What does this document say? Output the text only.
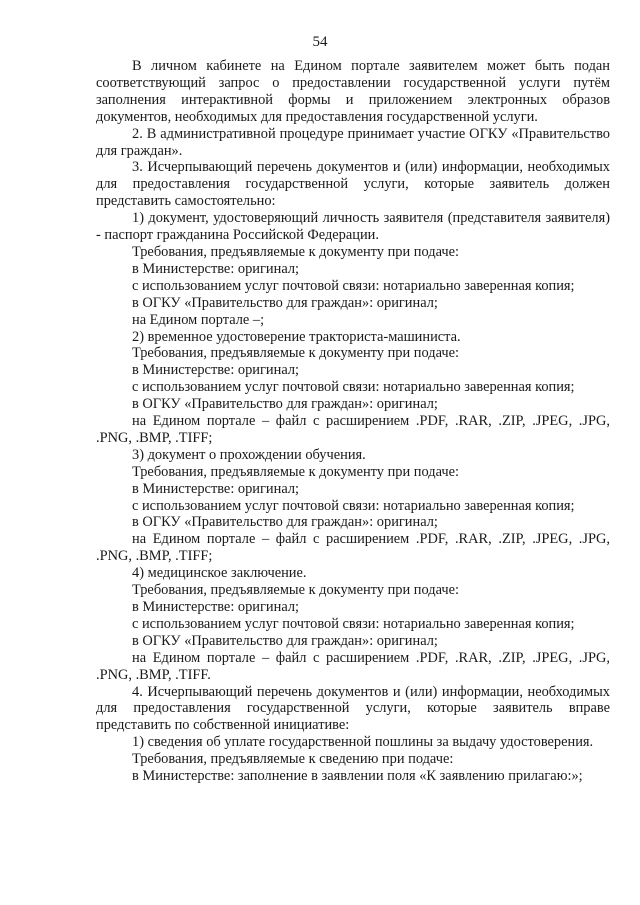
54

В личном кабинете на Едином портале заявителем может быть подан соответствующий запрос о предоставлении государственной услуги путём заполнения интерактивной формы и приложением электронных образов документов, необходимых для предоставления государственной услуги.

2. В административной процедуре принимает участие ОГКУ «Правительство для граждан».

3. Исчерпывающий перечень документов и (или) информации, необходимых для предоставления государственной услуги, которые заявитель должен представить самостоятельно:

1) документ, удостоверяющий личность заявителя (представителя заявителя) - паспорт гражданина Российской Федерации.

Требования, предъявляемые к документу при подаче:

в Министерстве: оригинал;

с использованием услуг почтовой связи: нотариально заверенная копия;

в ОГКУ «Правительство для граждан»: оригинал;

на Едином портале –;

2) временное удостоверение тракториста-машиниста.

Требования, предъявляемые к документу при подаче:

в Министерстве: оригинал;

с использованием услуг почтовой связи: нотариально заверенная копия;

в ОГКУ «Правительство для граждан»: оригинал;

на Едином портале – файл с расширением .PDF, .RAR, .ZIP, .JPEG, .JPG, .PNG, .BMP, .TIFF;

3) документ о прохождении обучения.

Требования, предъявляемые к документу при подаче:

в Министерстве: оригинал;

с использованием услуг почтовой связи: нотариально заверенная копия;

в ОГКУ «Правительство для граждан»: оригинал;

на Едином портале – файл с расширением .PDF, .RAR, .ZIP, .JPEG, .JPG, .PNG, .BMP, .TIFF;

4) медицинское заключение.

Требования, предъявляемые к документу при подаче:

в Министерстве: оригинал;

с использованием услуг почтовой связи: нотариально заверенная копия;

в ОГКУ «Правительство для граждан»: оригинал;

на Едином портале – файл с расширением .PDF, .RAR, .ZIP, .JPEG, .JPG, .PNG, .BMP, .TIFF.

4. Исчерпывающий перечень документов и (или) информации, необходимых для предоставления государственной услуги, которые заявитель вправе представить по собственной инициативе:

1) сведения об уплате государственной пошлины за выдачу удостоверения.

Требования, предъявляемые к сведению при подаче:

в Министерстве: заполнение в заявлении поля «К заявлению прилагаю:»;
